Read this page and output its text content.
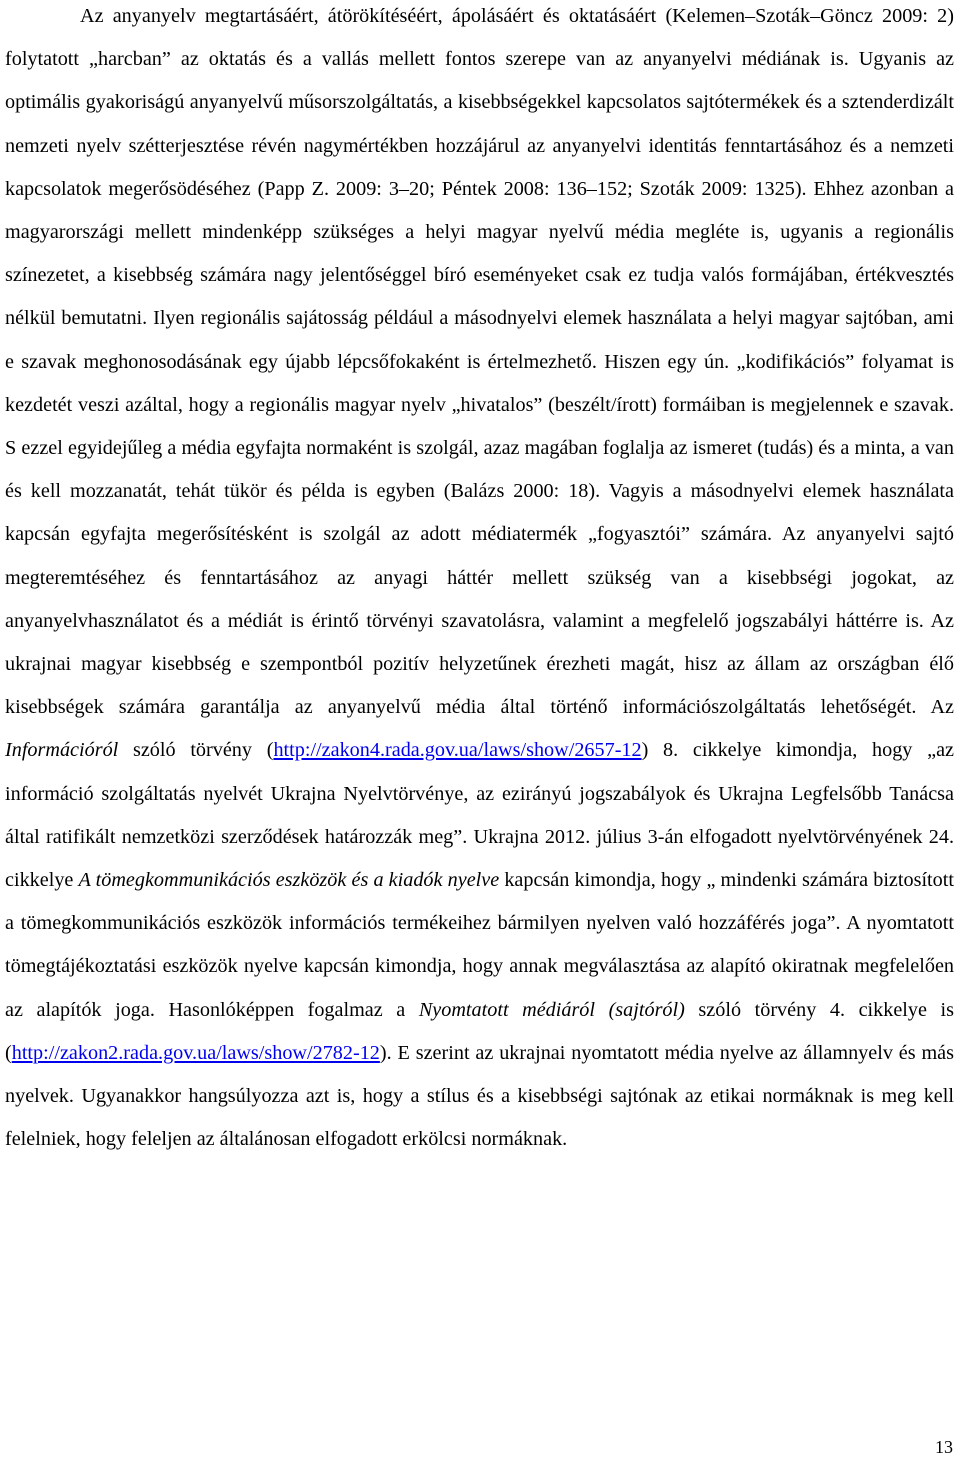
Az anyanyelv megtartásáért, átörökítéséért, ápolásáért és oktatásáért (Kelemen–Szoták–Göncz 2009: 2) folytatott „harcban” az oktatás és a vallás mellett fontos szerepe van az anyanyelvi médiának is. Ugyanis az optimális gyakoriságú anyanyelvű műsorszolgáltatás, a kisebbségekkel kapcsolatos sajtótermékek és a sztenderdizált nemzeti nyelv szétterjesztése révén nagymértékben hozzájárul az anyanyelvi identitás fenntartásához és a nemzeti kapcsolatok megerősödéséhez (Papp Z. 2009: 3–20; Péntek 2008: 136–152; Szoták 2009: 1325). Ehhez azonban a magyarországi mellett mindenképp szükséges a helyi magyar nyelvű média megléte is, ugyanis a regionális színezetet, a kisebbség számára nagy jelentőséggel bíró eseményeket csak ez tudja valós formájában, értékvesztés nélkül bemutatni. Ilyen regionális sajátosság például a másodnyelvi elemek használata a helyi magyar sajtóban, ami e szavak meghonosodásának egy újabb lépcsőfokaként is értelmezhető. Hiszen egy ún. „kodifikációs” folyamat is kezdetét veszi azáltal, hogy a regionális magyar nyelv „hivatalos” (beszélt/írott) formáiban is megjelennek e szavak. S ezzel egyidejűleg a média egyfajta normaként is szolgál, azaz magában foglalja az ismeret (tudás) és a minta, a van és kell mozzanatát, tehát tükör és példa is egyben (Balázs 2000: 18). Vagyis a másodnyelvi elemek használata kapcsán egyfajta megerősítésként is szolgál az adott médiatermék „fogyasztói” számára. Az anyanyelvi sajtó megteremtéséhez és fenntartásához az anyagi háttér mellett szükség van a kisebbségi jogokat, az anyanyelvhasználatot és a médiát is érintő törvényi szavatolásra, valamint a megfelelő jogszabályi háttérre is. Az ukrajnai magyar kisebbség e szempontból pozitív helyzetűnek érezheti magát, hisz az állam az országban élő kisebbségek számára garantálja az anyanyelvű média által történő információszolgáltatás lehetőségét. Az Információról szóló törvény (http://zakon4.rada.gov.ua/laws/show/2657-12) 8. cikkelye kimondja, hogy „az információ szolgáltatás nyelvét Ukrajna Nyelvtörvénye, az ezirányú jogszabályok és Ukrajna Legfelsőbb Tanácsa által ratifikált nemzetközi szerződések határozzák meg”. Ukrajna 2012. július 3-án elfogadott nyelvtörvényének 24. cikkelye A tömegkommunikációs eszközök és a kiadók nyelve kapcsán kimondja, hogy „ mindenki számára biztosított a tömegkommunikációs eszközök információs termékeihez bármilyen nyelven való hozzáférés joga”. A nyomtatott tömegtájékoztatási eszközök nyelve kapcsán kimondja, hogy annak megválasztása az alapító okiratnak megfelelően az alapítók joga. Hasonlóképpen fogalmaz a Nyomtatott médiáról (sajtóról) szóló törvény 4. cikkelye is (http://zakon2.rada.gov.ua/laws/show/2782-12). E szerint az ukrajnai nyomtatott média nyelve az államnyelv és más nyelvek. Ugyanakkor hangsúlyozza azt is, hogy a stílus és a kisebbségi sajtónak az etikai normáknak is meg kell felelniek, hogy feleljen az általánosan elfogadott erkölcsi normáknak.

13
